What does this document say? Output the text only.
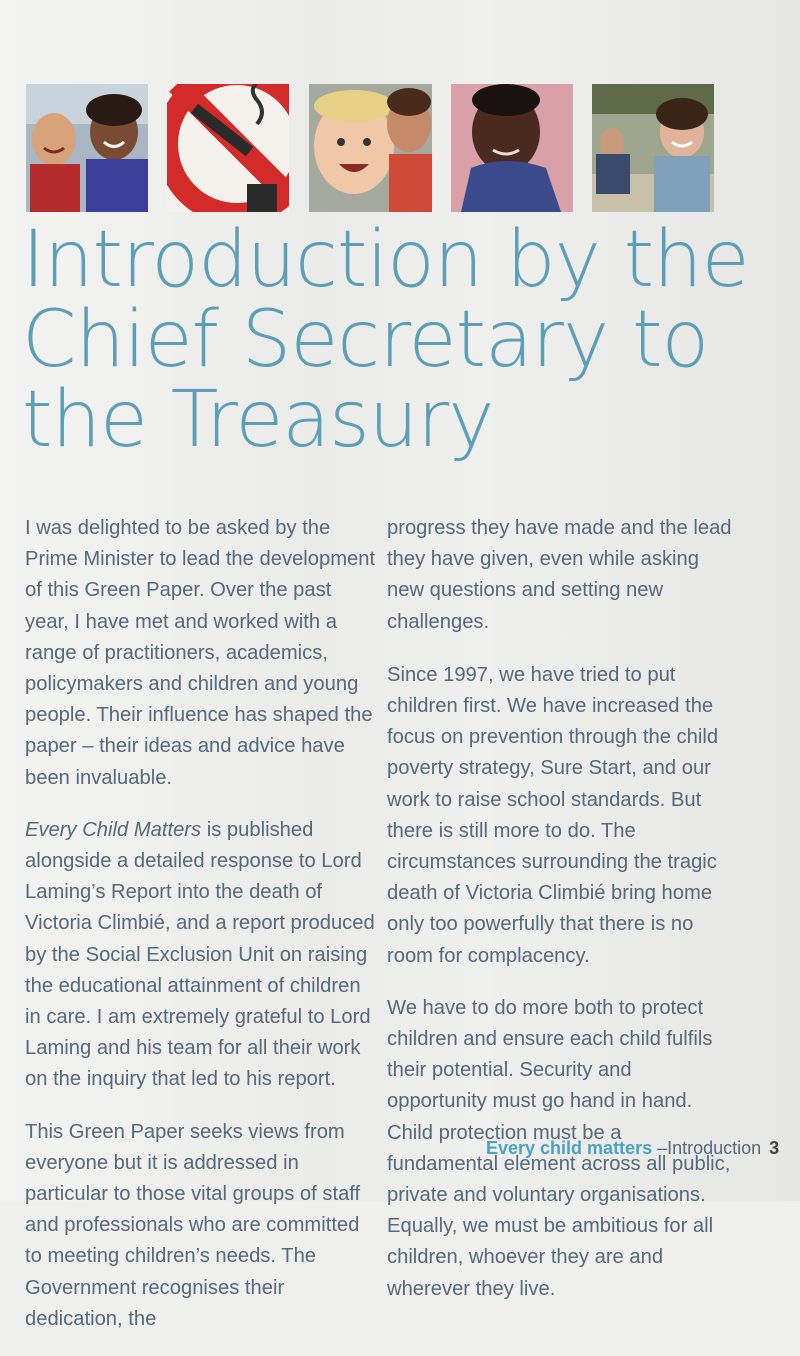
Introduction by the
Chief Secretary to
the Treasury

I was delighted to be asked by the Prime Minister to lead the development of this Green Paper. Over the past year, I have met and worked with a range of practitioners, academics, policymakers and children and young people. Their influence has shaped the paper – their ideas and advice have been invaluable.

Every Child Matters is published alongside a detailed response to Lord Laming’s Report into the death of Victoria Climbié, and a report produced by the Social Exclusion Unit on raising the educational attainment of children in care. I am extremely grateful to Lord Laming and his team for all their work on the inquiry that led to his report.

This Green Paper seeks views from everyone but it is addressed in particular to those vital groups of staff and professionals who are committed to meeting children’s needs. The Government recognises their dedication, the

progress they have made and the lead they have given, even while asking new questions and setting new challenges.

Since 1997, we have tried to put children first. We have increased the focus on prevention through the child poverty strategy, Sure Start, and our work to raise school standards. But there is still more to do. The circumstances surrounding the tragic death of Victoria Climbié bring home only too powerfully that there is no room for complacency.

We have to do more both to protect children and ensure each child fulfils their potential. Security and opportunity must go hand in hand. Child protection must be a fundamental element across all public, private and voluntary organisations. Equally, we must be ambitious for all children, whoever they are and wherever they live.

Every child matters –Introduction 3
